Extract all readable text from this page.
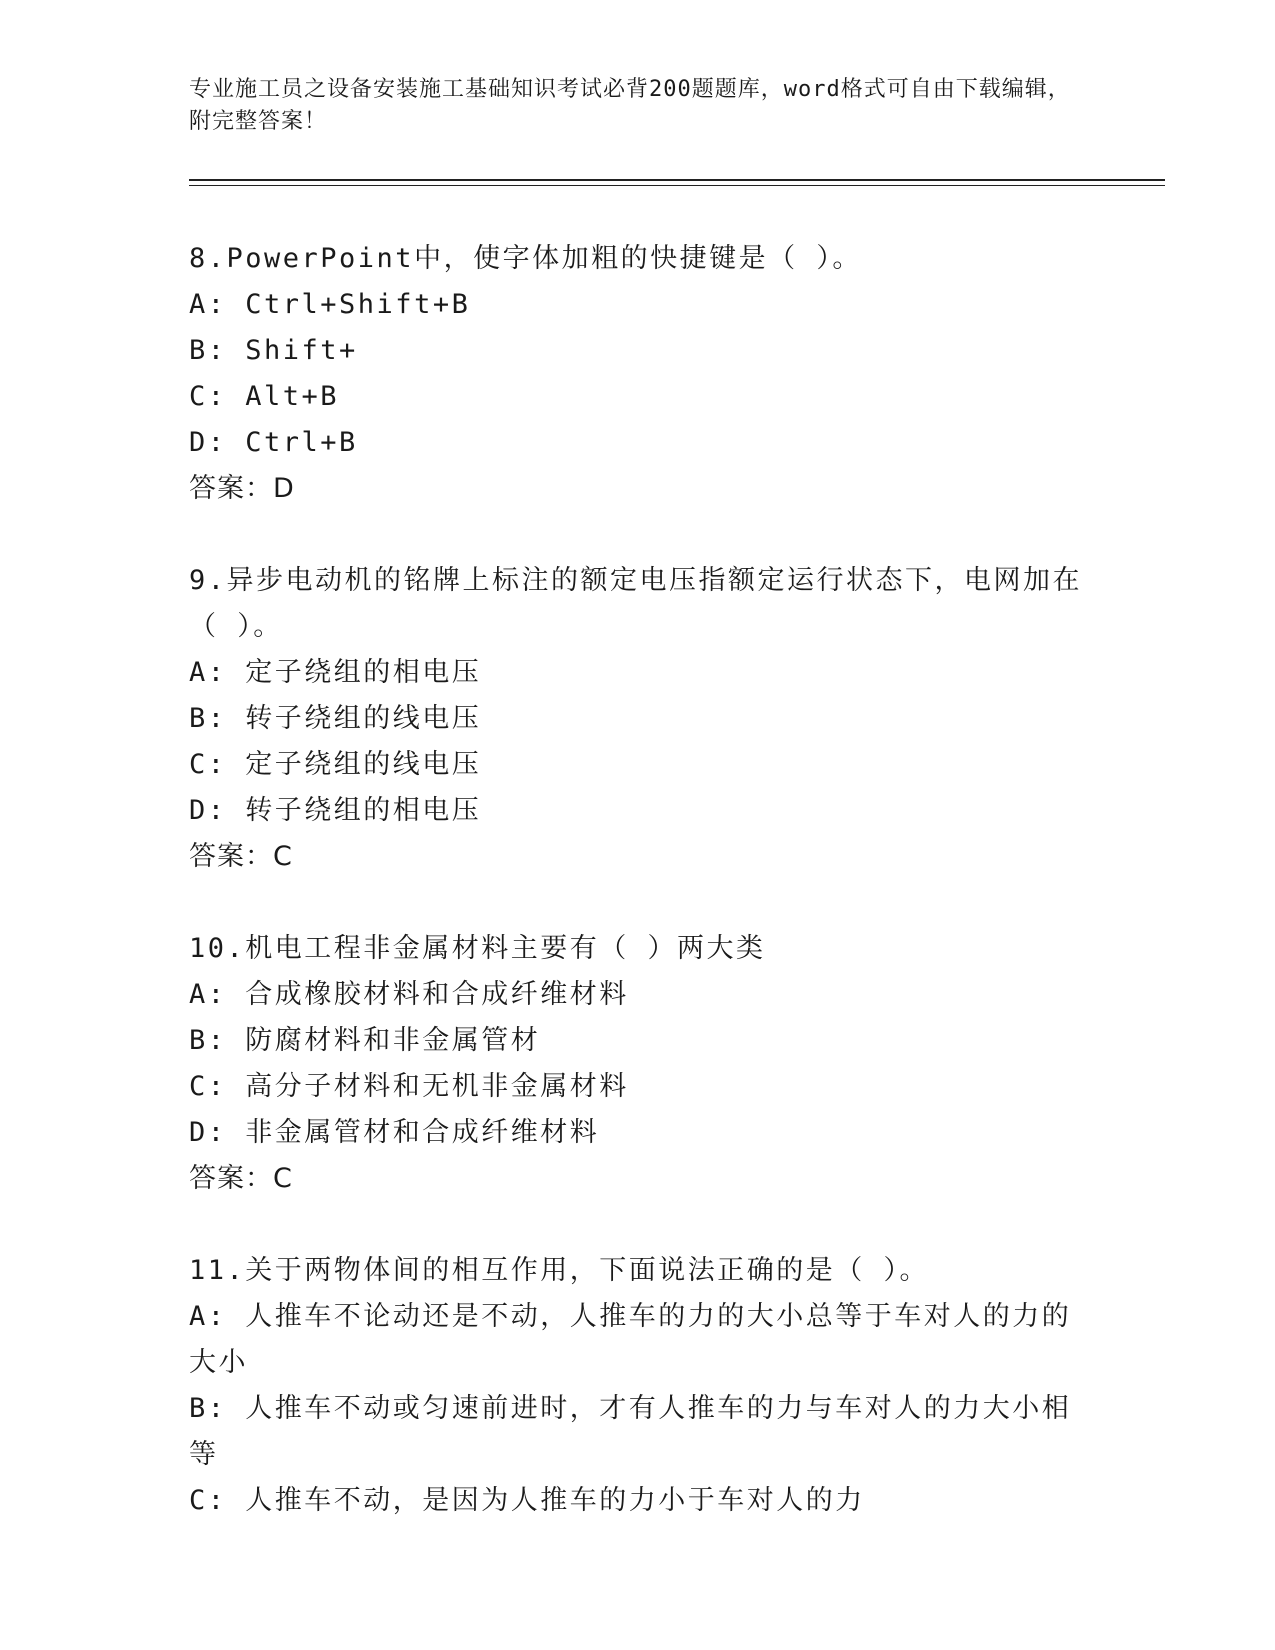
专业施工员之设备安装施工基础知识考试必背200题题库，word格式可自由下载编辑，附完整答案！

8.PowerPoint中，使字体加粗的快捷键是（ ）。

A: Ctrl+Shift+B

B: Shift+

C: Alt+B

D: Ctrl+B

答案：D

9.异步电动机的铭牌上标注的额定电压指额定运行状态下，电网加在（ ）。

A: 定子绕组的相电压

B: 转子绕组的线电压

C: 定子绕组的线电压

D: 转子绕组的相电压

答案：C

10.机电工程非金属材料主要有（ ）两大类

A: 合成橡胶材料和合成纤维材料

B: 防腐材料和非金属管材

C: 高分子材料和无机非金属材料

D: 非金属管材和合成纤维材料

答案：C

11.关于两物体间的相互作用，下面说法正确的是（ ）。

A: 人推车不论动还是不动，人推车的力的大小总等于车对人的力的大小

B: 人推车不动或匀速前进时，才有人推车的力与车对人的力大小相等

C: 人推车不动，是因为人推车的力小于车对人的力
